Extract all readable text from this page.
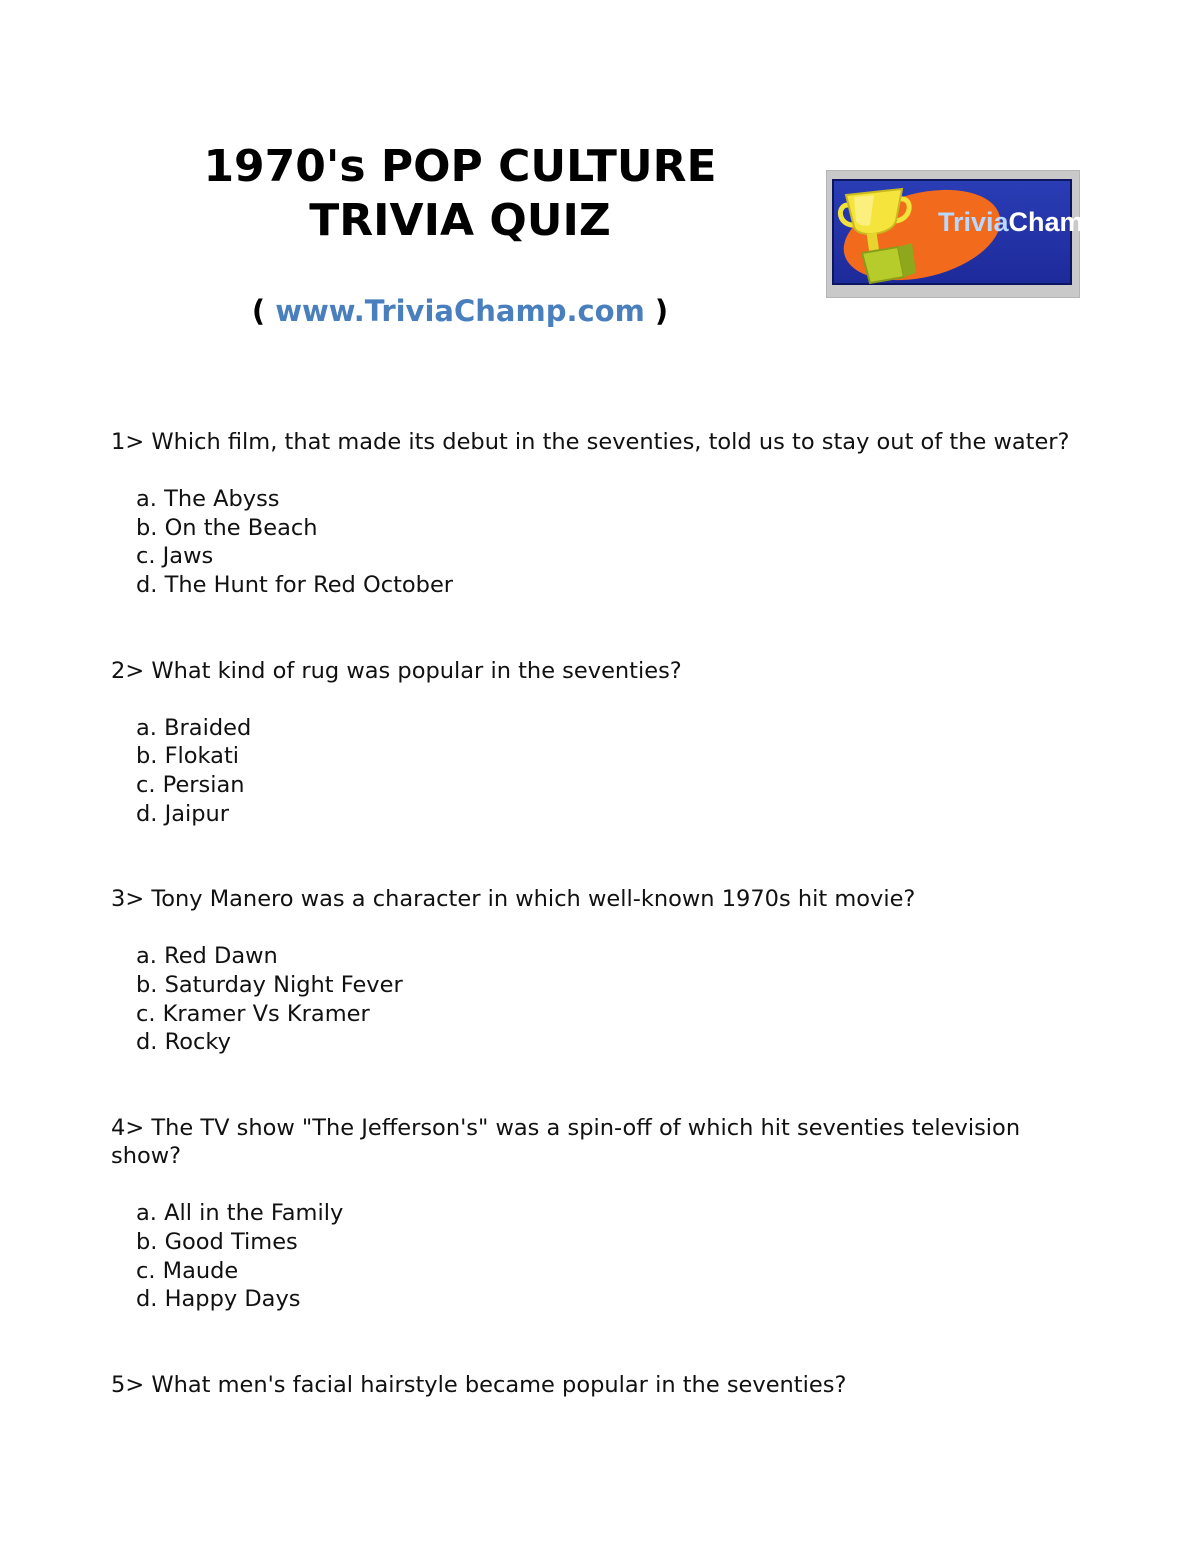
1970's POP CULTURE
TRIVIA QUIZ
( www.TriviaChamp.com )
TriviaChamp
1> Which film, that made its debut in the seventies, told us to stay out of the water?
a. The Abyss
b. On the Beach
c. Jaws
d. The Hunt for Red October
2> What kind of rug was popular in the seventies?
a. Braided
b. Flokati
c. Persian
d. Jaipur
3> Tony Manero was a character in which well-known 1970s hit movie?
a. Red Dawn
b. Saturday Night Fever
c. Kramer Vs Kramer
d. Rocky
4> The TV show "The Jefferson's" was a spin-off of which hit seventies television show?
a. All in the Family
b. Good Times
c. Maude
d. Happy Days
5> What men's facial hairstyle became popular in the seventies?
